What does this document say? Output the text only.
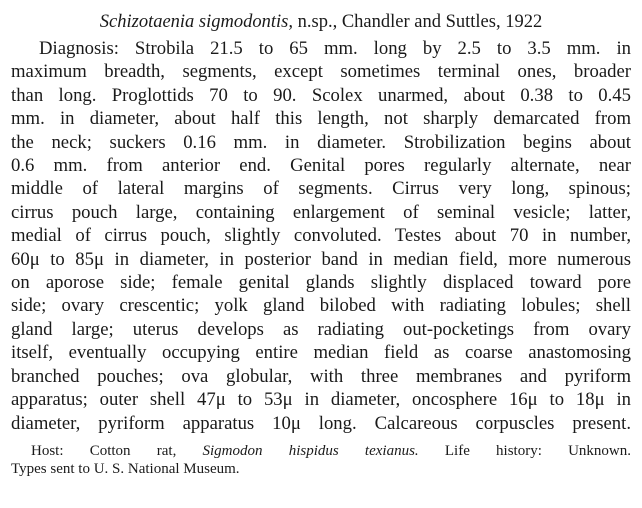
Schizotaenia sigmodontis, n.sp., Chandler and Suttles, 1922
Diagnosis: Strobila 21.5 to 65 mm. long by 2.5 to 3.5 mm. in
maximum breadth, segments, except sometimes terminal ones, broader
than long. Proglottids 70 to 90. Scolex unarmed, about 0.38 to 0.45
mm. in diameter, about half this length, not sharply demarcated from
the neck; suckers 0.16 mm. in diameter. Strobilization begins about
0.6 mm. from anterior end. Genital pores regularly alternate, near
middle of lateral margins of segments. Cirrus very long, spinous;
cirrus pouch large, containing enlargement of seminal vesicle; latter,
medial of cirrus pouch, slightly convoluted. Testes about 70 in number,
60μ to 85μ in diameter, in posterior band in median field, more numerous
on aporose side; female genital glands slightly displaced toward pore
side; ovary crescentic; yolk gland bilobed with radiating lobules; shell
gland large; uterus develops as radiating out-pocketings from ovary
itself, eventually occupying entire median field as coarse anastomosing
branched pouches; ova globular, with three membranes and pyriform
apparatus; outer shell 47μ to 53μ in diameter, oncosphere 16μ to 18μ in
diameter, pyriform apparatus 10μ long. Calcareous corpuscles present.
Host: Cotton rat, Sigmodon hispidus texianus. Life history: Unknown.
Types sent to U. S. National Museum.
